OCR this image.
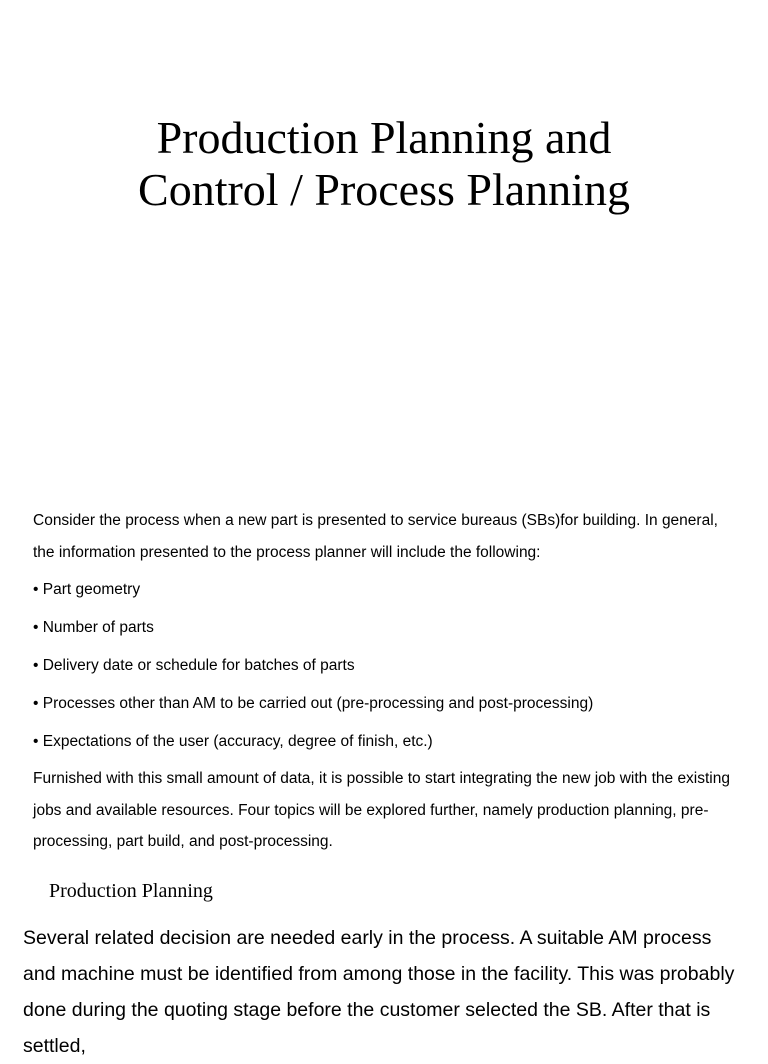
Production Planning and
Control / Process Planning

Consider the process when a new part is presented to service bureaus (SBs)for building. In general, the information presented to the process planner will include the following:

• Part geometry
• Number of parts
• Delivery date or schedule for batches of parts
• Processes other than AM to be carried out (pre-processing and post-processing)
• Expectations of the user (accuracy, degree of finish, etc.)

Furnished with this small amount of data, it is possible to start integrating the new job with the existing jobs and available resources. Four topics will be explored further, namely production planning, pre-processing, part build, and post-processing.

Production Planning

Several related decision are needed early in the process. A suitable AM process and machine must be identified from among those in the facility. This was probably done during the quoting stage before the customer selected the SB. After that is settled,
